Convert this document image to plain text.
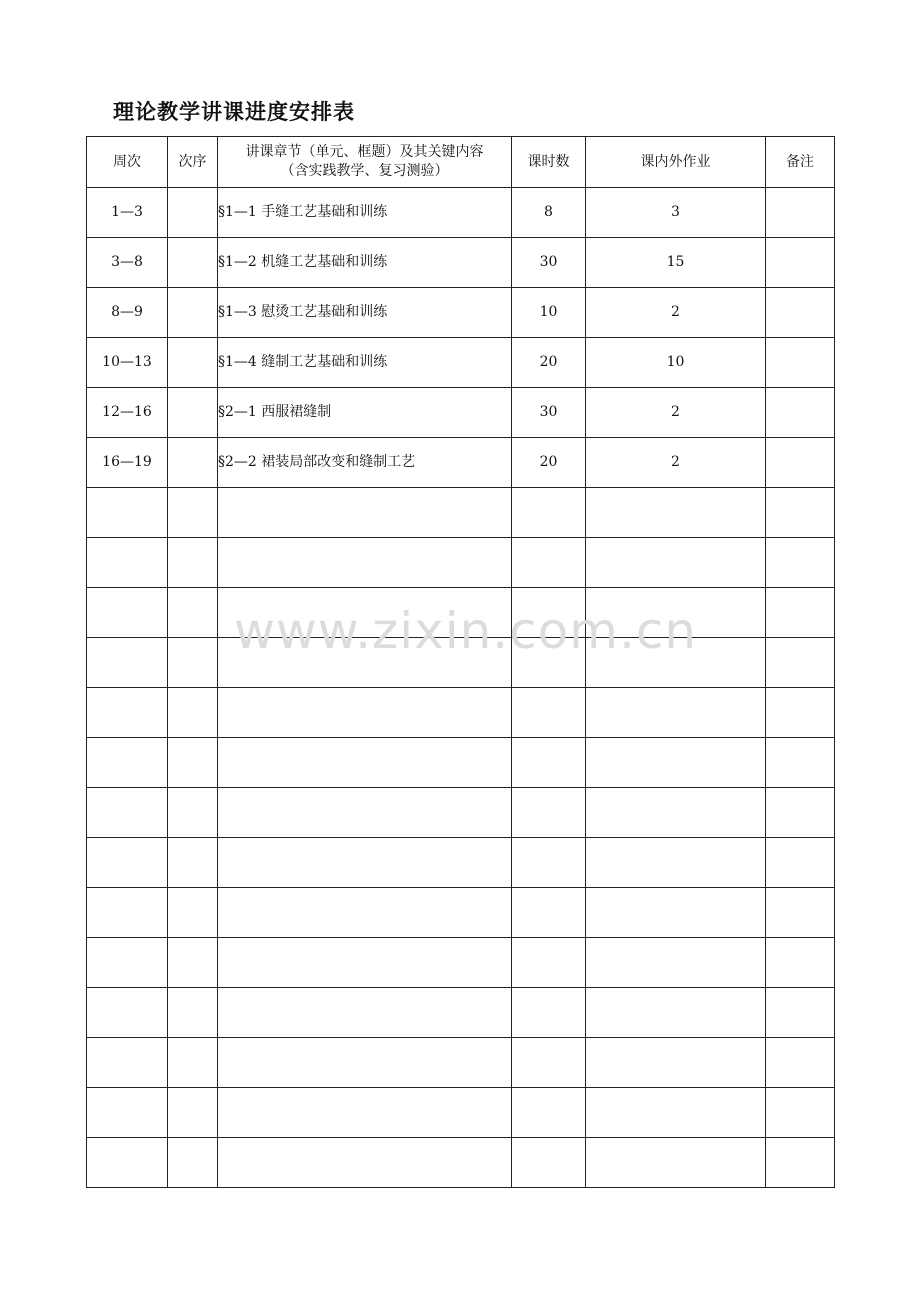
理论教学讲课进度安排表
周次	次序	讲课章节（单元、框题）及其关键内容（含实践教学、复习测验）	课时数	课内外作业	备注
1—3		§1—1 手缝工艺基础和训练	8	3	
3—8		§1—2 机缝工艺基础和训练	30	15	
8—9		§1—3 慰烫工艺基础和训练	10	2	
10—13		§1—4 缝制工艺基础和训练	20	10	
12—16		§2—1 西服裙缝制	30	2	
16—19		§2—2 裙装局部改变和缝制工艺	20	2	

www.zixin.com.cn
